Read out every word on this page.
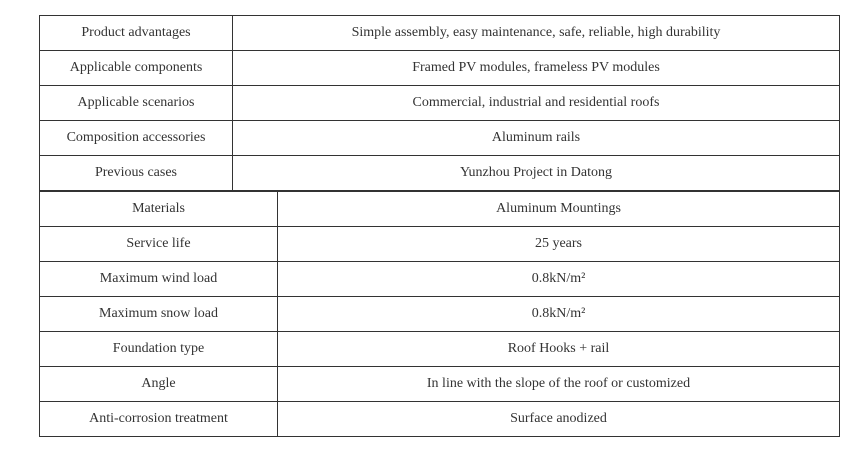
Product advantages	Simple assembly, easy maintenance, safe, reliable, high durability
Applicable components	Framed PV modules, frameless PV modules
Applicable scenarios	Commercial, industrial and residential roofs
Composition accessories	Aluminum rails
Previous cases	Yunzhou Project in Datong
Materials	Aluminum Mountings
Service life	25 years
Maximum wind load	0.8kN/m²
Maximum snow load	0.8kN/m²
Foundation type	Roof Hooks + rail
Angle	In line with the slope of the roof or customized
Anti-corrosion treatment	Surface anodized
